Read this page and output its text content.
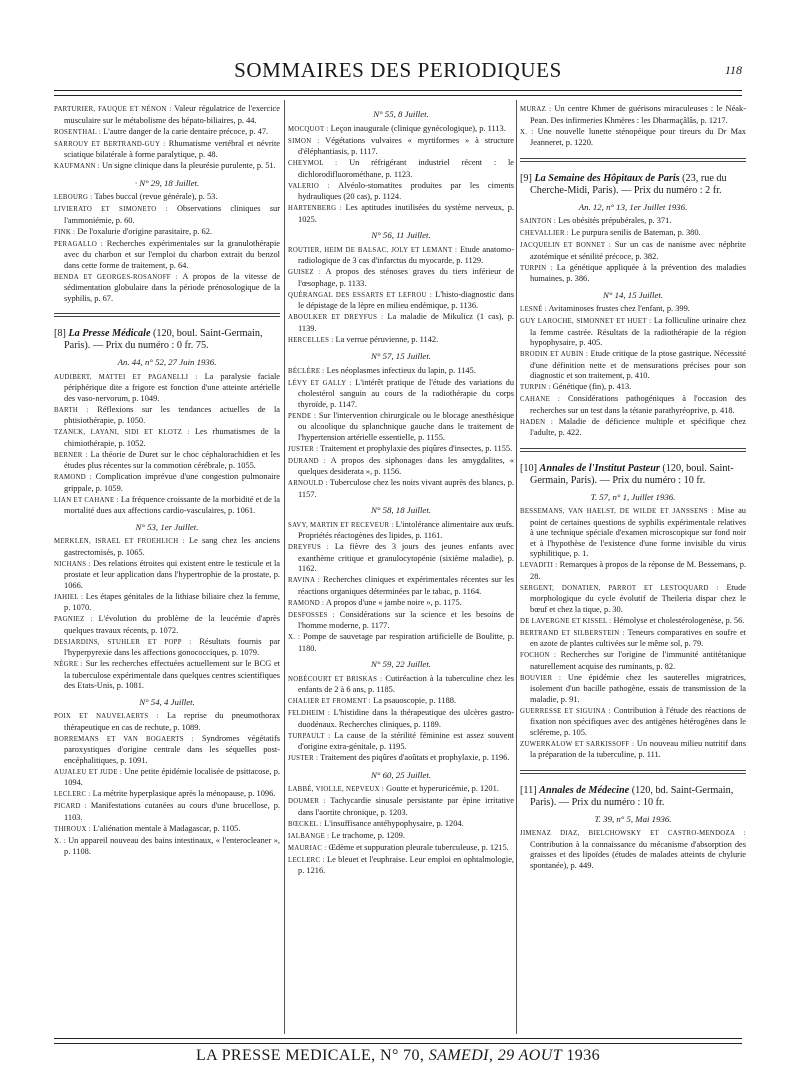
SOMMAIRES DES PERIODIQUES	118
PARTURIER, FAUQUE ET NÉNON : Valeur régulatrice de l'exercice musculaire sur le métabolisme des hépato-biliaires, p. 44.
ROSENTHAL : L'autre danger de la carie dentaire précoce, p. 47.
SARROUY ET BERTRAND-GUY : Rhumatisme vertébral et névrite sciatique bilatérale à forme paralytique, p. 48.
KAUFMANN : Un signe clinique dans la pleurésie purulente, p. 51.
· N° 29, 18 Juillet.
LEBOURG : Tabes buccal (revue générale), p. 53.
LIVIERATO ET SIMONETO : Observations cliniques sur l'ammoniémie, p. 60.
FINK : De l'oxalurie d'origine parasitaire, p. 62.
PERAGALLO : Recherches expérimentales sur la granulothérapie avec du charbon et sur l'emploi du charbon extrait du benzol dans cette forme de traitement, p. 64.
BENDA ET GEORGES-ROSANOFF : A propos de la vitesse de sédimentation globulaire dans la période prénosologique de la syphilis, p. 67.
[8] La Presse Médicale (120, boul. Saint-Germain, Paris). — Prix du numéro : 0 fr. 75.
An. 44, n° 52, 27 Juin 1936.
AUDIBERT, MATTEI ET PAGANELLI : La paralysie faciale périphérique dite a frigore est fonction d'une atteinte artérielle des vaso-nervorum, p. 1049.
BARTH : Réflexions sur les tendances actuelles de la phtisiothérapie, p. 1050.
TZANCK, LAYANI, SIDI ET KLOTZ : Les rhumatismes de la chimiothérapie, p. 1052.
BERNER : La théorie de Duret sur le choc céphalorachidien et les études plus récentes sur la commotion cérébrale, p. 1055.
RAMOND : Complication imprévue d'une congestion pulmonaire grippale, p. 1059.
LIAN ET CAHANE : La fréquence croissante de la morbidité et de la mortalité dues aux affections cardio-vasculaires, p. 1061.
N° 53, 1er Juillet.
MERKLEN, ISRAEL ET FROEHLICH : Le sang chez les anciens gastrectomisés, p. 1065.
NICHANS : Des relations étroites qui existent entre le testicule et la prostate et leur application dans l'hypertrophie de la prostate, p. 1066.
JAHIEL : Les étapes génitales de la lithiase biliaire chez la femme, p. 1070.
PAGNIEZ : L'évolution du problème de la leucémie d'après quelques travaux récents, p. 1072.
DESJARDINS, STUHLER ET POPP : Résultats fournis par l'hyperpyrexie dans les affections gonococciques, p. 1079.
NÈGRE : Sur les recherches effectuées actuellement sur le BCG et la tuberculose expérimentale dans quelques centres scientifiques des Etats-Unis, p. 1081.
N° 54, 4 Juillet.
POIX ET NAUVELAERTS : La reprise du pneumothorax thérapeutique en cas de rechute, p. 1089.
BORREMANS ET VAN BOGAERTS : Syndromes végétatifs paroxystiques d'origine centrale dans les séquelles post-encéphalitiques, p. 1091.
AUJALEU ET JUDE : Une petite épidémie localisée de psittacose, p. 1094.
LECLERC : La métrite hyperplasique après la ménopause, p. 1096.
PICARD : Manifestations cutanées au cours d'une brucellose, p. 1103.
THIROUX : L'aliénation mentale à Madagascar, p. 1105.
X. : Un appareil nouveau des bains intestinaux, « l'enterocleaner », p. 1108.
N° 55, 8 Juillet.
MOCQUOT : Leçon inaugurale (clinique gynécologique), p. 1113.
SIMON : Végétations vulvaires « myrtiformes » à structure d'éléphantiasis, p. 1117.
CHEYMOL : Un réfrigérant industriel récent : le dichlorodifluorométhane, p. 1123.
VALERIO : Alvéolo-stomatites produites par les ciments hydrauliques (20 cas), p. 1124.
HARTENBERG : Les aptitudes inutilisées du système nerveux, p. 1025.
N° 56, 11 Juillet.
ROUTIER, HEIM DE BALSAC, JOLY ET LEMANT : Etude anatomo-radiologique de 3 cas d'infarctus du myocarde, p. 1129.
GUISEZ : A propos des sténoses graves du tiers inférieur de l'œsophage, p. 1133.
QUÉRANGAL DES ESSARTS ET LEFROU : L'histo-diagnostic dans le dépistage de la lèpre en milieu endémique, p. 1136.
ABOULKER ET DREYFUS : La maladie de Mikulicz (1 cas), p. 1139.
HERCELLES : La verrue péruvienne, p. 1142.
N° 57, 15 Juillet.
BÉCLÈRE : Les néoplasmes infectieux du lapin, p. 1145.
LÉVY ET GALLY : L'intérêt pratique de l'étude des variations du cholestérol sanguin au cours de la radiothérapie du corps thyroïde, p. 1147.
PENDE : Sur l'intervention chirurgicale ou le blocage anesthésique ou alcoolique du splanchnique gauche dans le traitement de l'hypertension artérielle essentielle, p. 1155.
JUSTER : Traitement et prophylaxie des piqûres d'insectes, p. 1155.
DURAND : A propos des siphonages dans les amygdalites, « quelques desiderata », p. 1156.
ARNOULD : Tuberculose chez les noirs vivant auprès des blancs, p. 1157.
N° 58, 18 Juillet.
SAVY, MARTIN ET RECEVEUR : L'intolérance alimentaire aux œufs. Propriétés réactogènes des lipides, p. 1161.
DREYFUS : La fièvre des 3 jours des jeunes enfants avec exanthème critique et granulocytopénie (sixième maladie), p. 1162.
RAVINA : Recherches cliniques et expérimentales récentes sur les réactions organiques déterminées par le tabac, p. 1164.
RAMOND : A propos d'une « jambe noire », p. 1175.
DESFOSSES : Considérations sur la science et les besoins de l'homme moderne, p. 1177.
X. : Pompe de sauvetage par respiration artificielle de Boulitte, p. 1180.
N° 59, 22 Juillet.
NOBÉCOURT ET BRISKAS : Cutiréaction à la tuberculine chez les enfants de 2 à 6 ans, p. 1185.
CHALIER ET FROMENT : La psauoscopie, p. 1188.
FELDHEIM : L'histidine dans la thérapeutique des ulcères gastro-duodénaux. Recherches cliniques, p. 1189.
TURPAULT : La cause de la stérilité féminine est assez souvent d'origine extra-génitale, p. 1195.
JUSTER : Traitement des piqûres d'aoûtats et prophylaxie, p. 1196.
N° 60, 25 Juillet.
LABBÉ, VIOLLE, NEPVEUX : Goutte et hyperuricémie, p. 1201.
DOUMER : Tachycardie sinusale persistante par épine irritative dans l'aortite chronique, p. 1203.
BŒCKEL : L'insuffisance antéhypophysaire, p. 1204.
IALBANGE : Le trachome, p. 1209.
MAURIAC : Œdème et suppuration pleurale tuberculeuse, p. 1215.
LECLERC : Le bleuet et l'euphraise. Leur emploi en ophtalmologie, p. 1216.
MURAZ : Un centre Khmer de guérisons miraculeuses : le Néak-Pean. Des infirmeries Khmères : les Dharmaçâlâs, p. 1217.
X. : Une nouvelle lunette sténopéique pour tireurs du Dr Max Jeanneret, p. 1220.
[9] La Semaine des Hôpitaux de Paris (23, rue du Cherche-Midi, Paris). — Prix du numéro : 2 fr.
An. 12, n° 13, 1er Juillet 1936.
SAINTON : Les obésités prépubérales, p. 371.
CHEVALLIER : Le purpura senilis de Bateman, p. 380.
JACQUELIN ET BONNET : Sur un cas de nanisme avec néphrite azotémique et sénilité précoce, p. 382.
TURPIN : La génétique appliquée à la prévention des maladies humaines, p. 386.
N° 14, 15 Juillet.
LESNÉ : Avitaminoses frustes chez l'enfant, p. 399.
GUY LAROCHE, SIMONNET ET HUET : La folliculine urinaire chez la femme castrée. Résultats de la radiothérapie de la région hypophysaire, p. 405.
BRODIN ET AUBIN : Etude critique de la ptose gastrique. Nécessité d'une définition nette et de mensurations précises pour son diagnostic et son traitement, p. 410.
TURPIN : Génétique (fin), p. 413.
CAHANE : Considérations pathogéniques à l'occasion des recherches sur un test dans la tétanie parathyréoprive, p. 418.
HADEN : Maladie de déficience multiple et spécifique chez l'adulte, p. 422.
[10] Annales de l'Institut Pasteur (120, boul. Saint-Germain, Paris). — Prix du numéro : 10 fr.
T. 57, n° 1, Juillet 1936.
BESSEMANS, VAN HAELST, DE WILDE ET JANSSENS : Mise au point de certaines questions de syphilis expérimentale relatives à une technique spéciale d'examen microscopique sur fond noir et à l'hypothèse de l'existence d'une forme invisible du virus syphilitique, p. 1.
LEVADITI : Remarques à propos de la réponse de M. Bessemans, p. 28.
SERGENT, DONATIEN, PARROT ET LESTOQUARD : Etude morphologique du cycle évolutif de Theileria dispar chez le bœuf et chez la tique, p. 30.
DE LAVERGNE ET KISSEL : Hémolyse et cholestérologenèse, p. 56.
BERTRAND ET SILBERSTEIN : Teneurs comparatives en soufre et en azote de plantes cultivées sur le même sol, p. 79.
FOCHON : Recherches sur l'origine de l'immunité antitétanique naturellement acquise des ruminants, p. 82.
BOUVIER : Une épidémie chez les sauterelles migratrices, isolement d'un bacille pathogène, essais de transmission de la maladie, p. 91.
GUERRESSE ET SIGUINA : Contribution à l'étude des réactions de fixation non spécifiques avec des antigènes hétérogènes dans le scléreme, p. 105.
ZUWERKALOW ET SARKISSOFF : Un nouveau milieu nutritif dans la préparation de la tuberculine, p. 111.
[11] Annales de Médecine (120, bd. Saint-Germain, Paris). — Prix du numéro : 10 fr.
T. 39, n° 5, Mai 1936.
JIMENAZ DIAZ, BIELCHOWSKY ET CASTRO-MENDOZA : Contribution à la connaissance du mécanisme d'absorption des graisses et des lipoïdes (études de malades atteints de chylurie spontanée), p. 449.
LA PRESSE MEDICALE, N° 70, SAMEDI, 29 AOUT 1936
